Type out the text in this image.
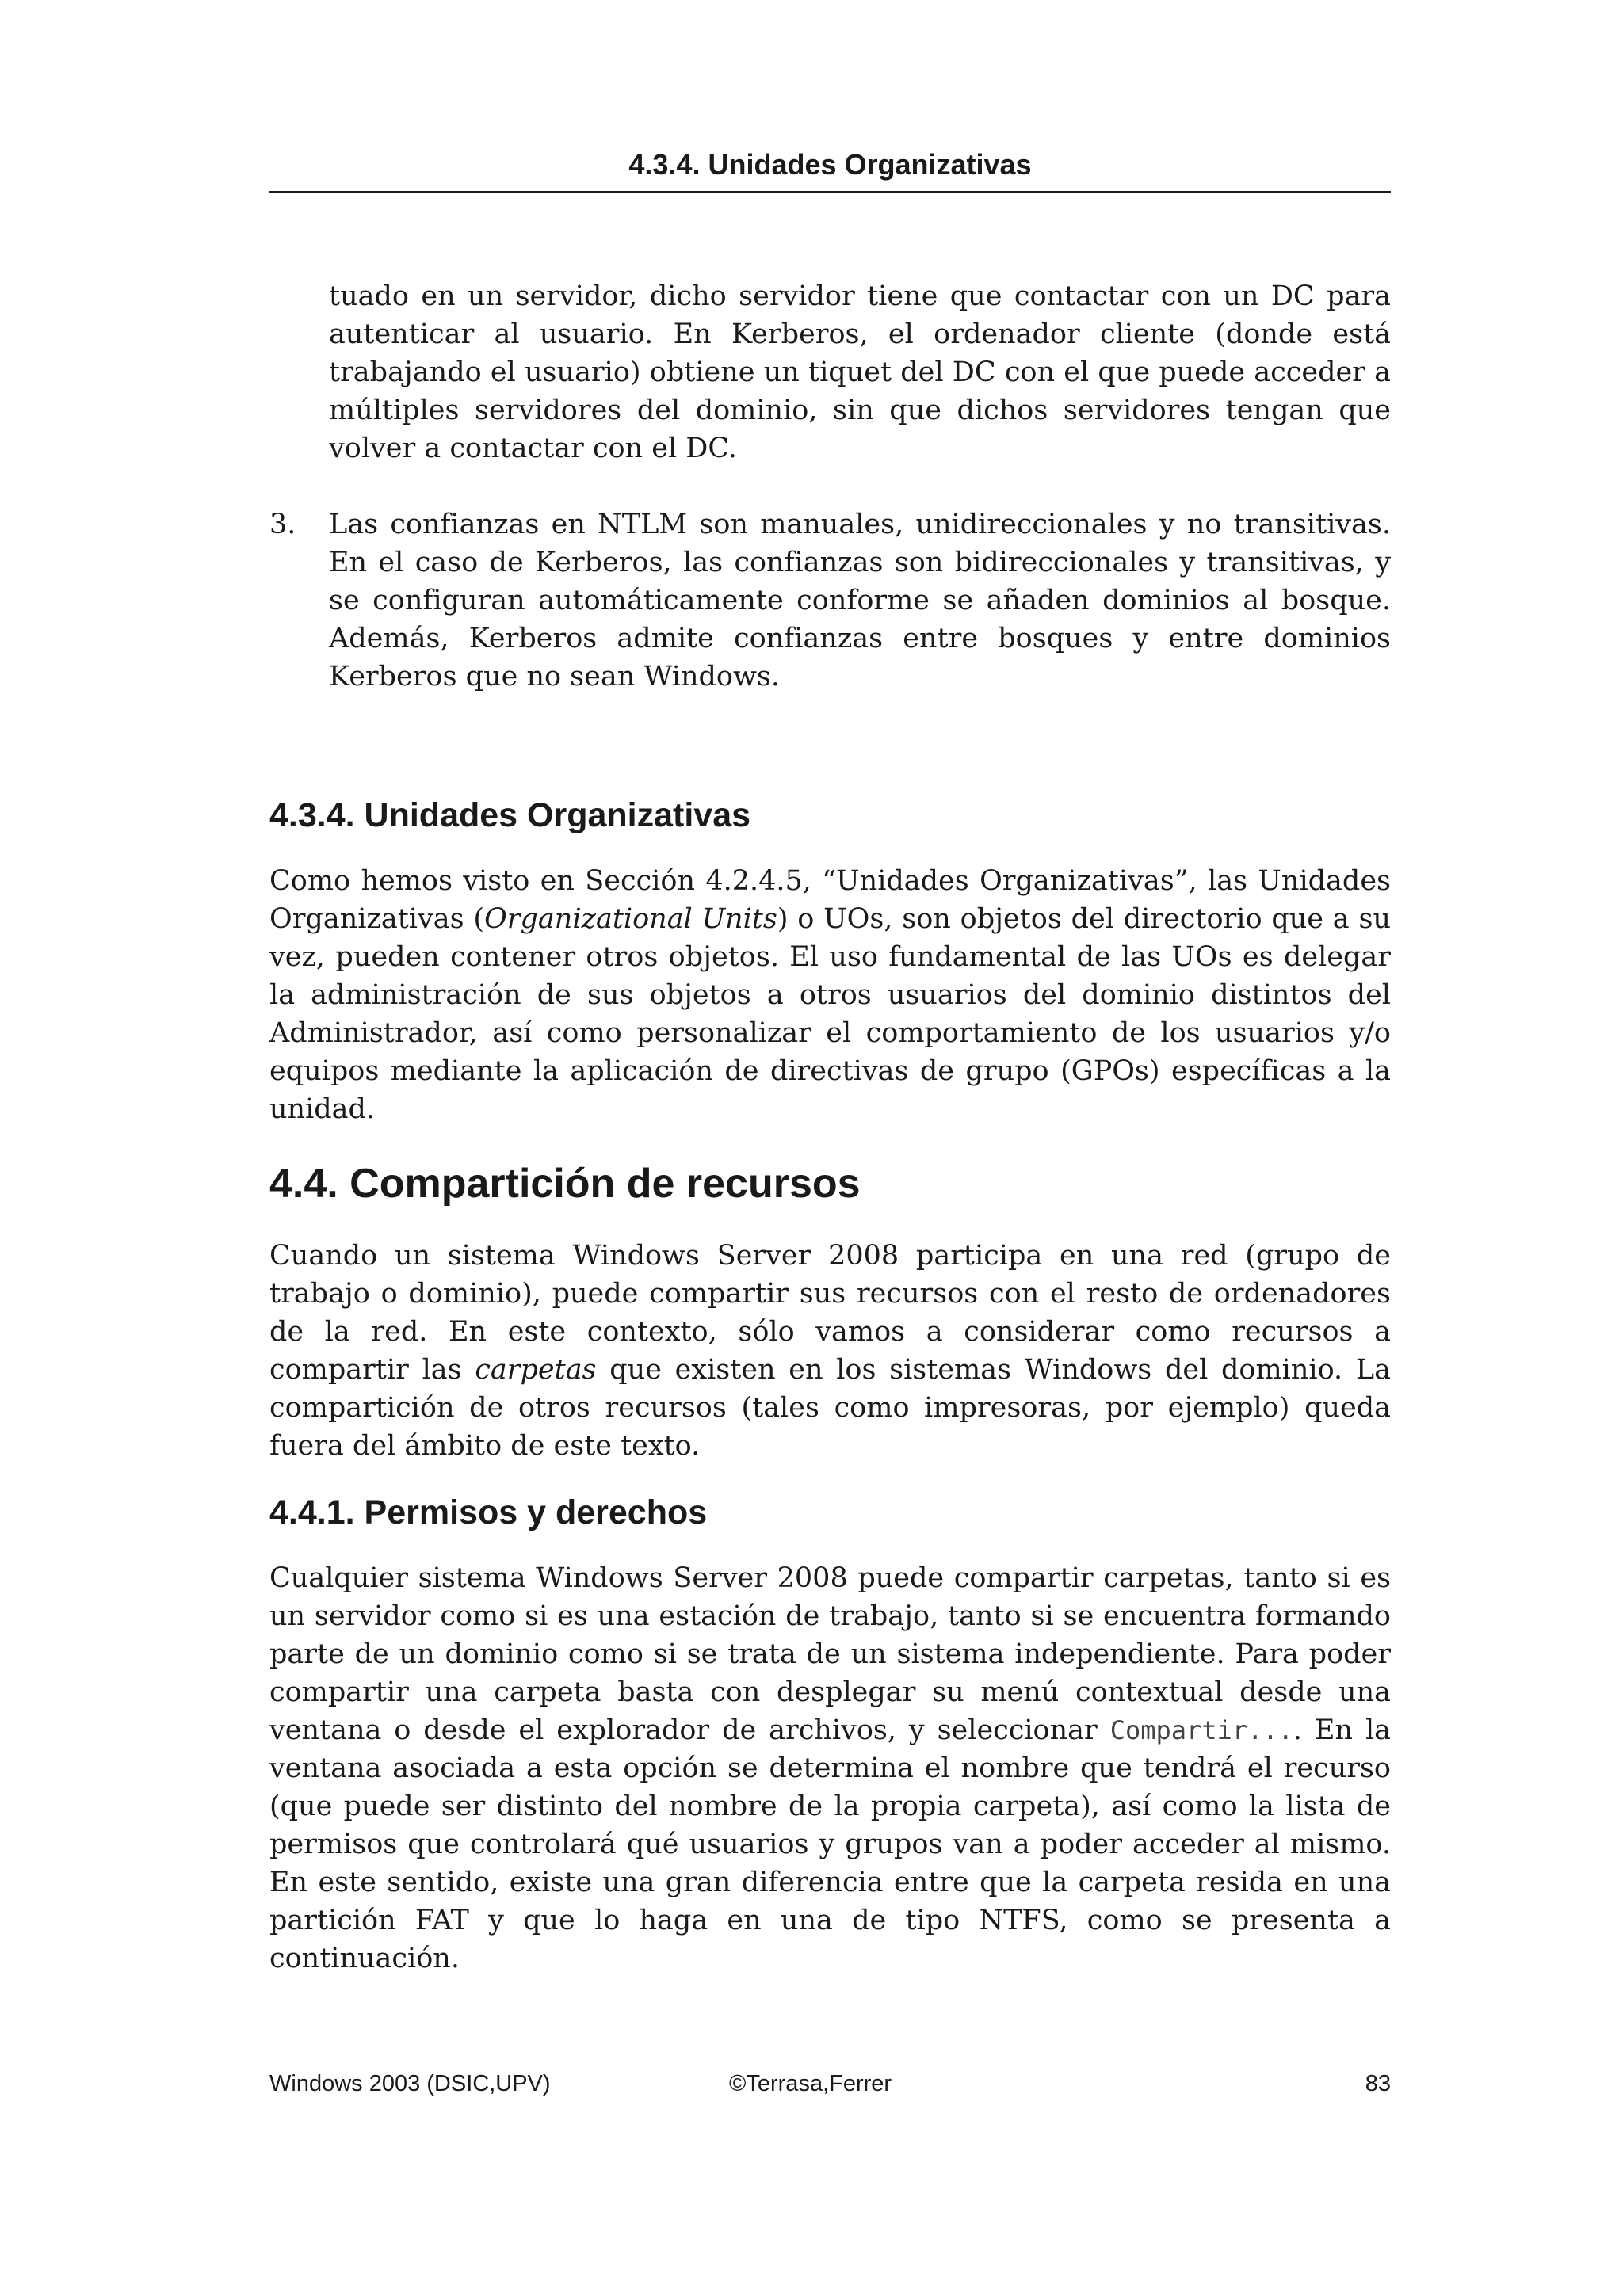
4.3.4. Unidades Organizativas

tuado en un servidor, dicho servidor tiene que contactar con un DC para autenticar al usuario. En Kerberos, el ordenador cliente (donde está trabajando el usuario) obtiene un tiquet del DC con el que puede acceder a múltiples servidores del dominio, sin que dichos servidores tengan que volver a contactar con el DC.

3. Las confianzas en NTLM son manuales, unidireccionales y no transitivas. En el caso de Kerberos, las confianzas son bidireccionales y transitivas, y se configuran automáticamente conforme se añaden dominios al bosque. Además, Kerberos admite confianzas entre bosques y entre dominios Kerberos que no sean Windows.

4.3.4. Unidades Organizativas

Como hemos visto en Sección 4.2.4.5, “Unidades Organizativas”, las Unidades Organizativas (Organizational Units) o UOs, son objetos del directorio que a su vez, pueden contener otros objetos. El uso fundamental de las UOs es delegar la administración de sus objetos a otros usuarios del dominio distintos del Administrador, así como personalizar el comportamiento de los usuarios y/o equipos mediante la aplicación de directivas de grupo (GPOs) específicas a la unidad.

4.4. Compartición de recursos

Cuando un sistema Windows Server 2008 participa en una red (grupo de trabajo o dominio), puede compartir sus recursos con el resto de ordenadores de la red. En este contexto, sólo vamos a considerar como recursos a compartir las carpetas que existen en los sistemas Windows del dominio. La compartición de otros recursos (tales como impresoras, por ejemplo) queda fuera del ámbito de este texto.

4.4.1. Permisos y derechos

Cualquier sistema Windows Server 2008 puede compartir carpetas, tanto si es un servidor como si es una estación de trabajo, tanto si se encuentra formando parte de un dominio como si se trata de un sistema independiente. Para poder compartir una carpeta basta con desplegar su menú contextual desde una ventana o desde el explorador de archivos, y seleccionar Compartir.... En la ventana asociada a esta opción se determina el nombre que tendrá el recurso (que puede ser distinto del nombre de la propia carpeta), así como la lista de permisos que controlará qué usuarios y grupos van a poder acceder al mismo. En este sentido, existe una gran diferencia entre que la carpeta resida en una partición FAT y que lo haga en una de tipo NTFS, como se presenta a continuación.

Windows 2003 (DSIC,UPV)	©Terrasa,Ferrer	83
